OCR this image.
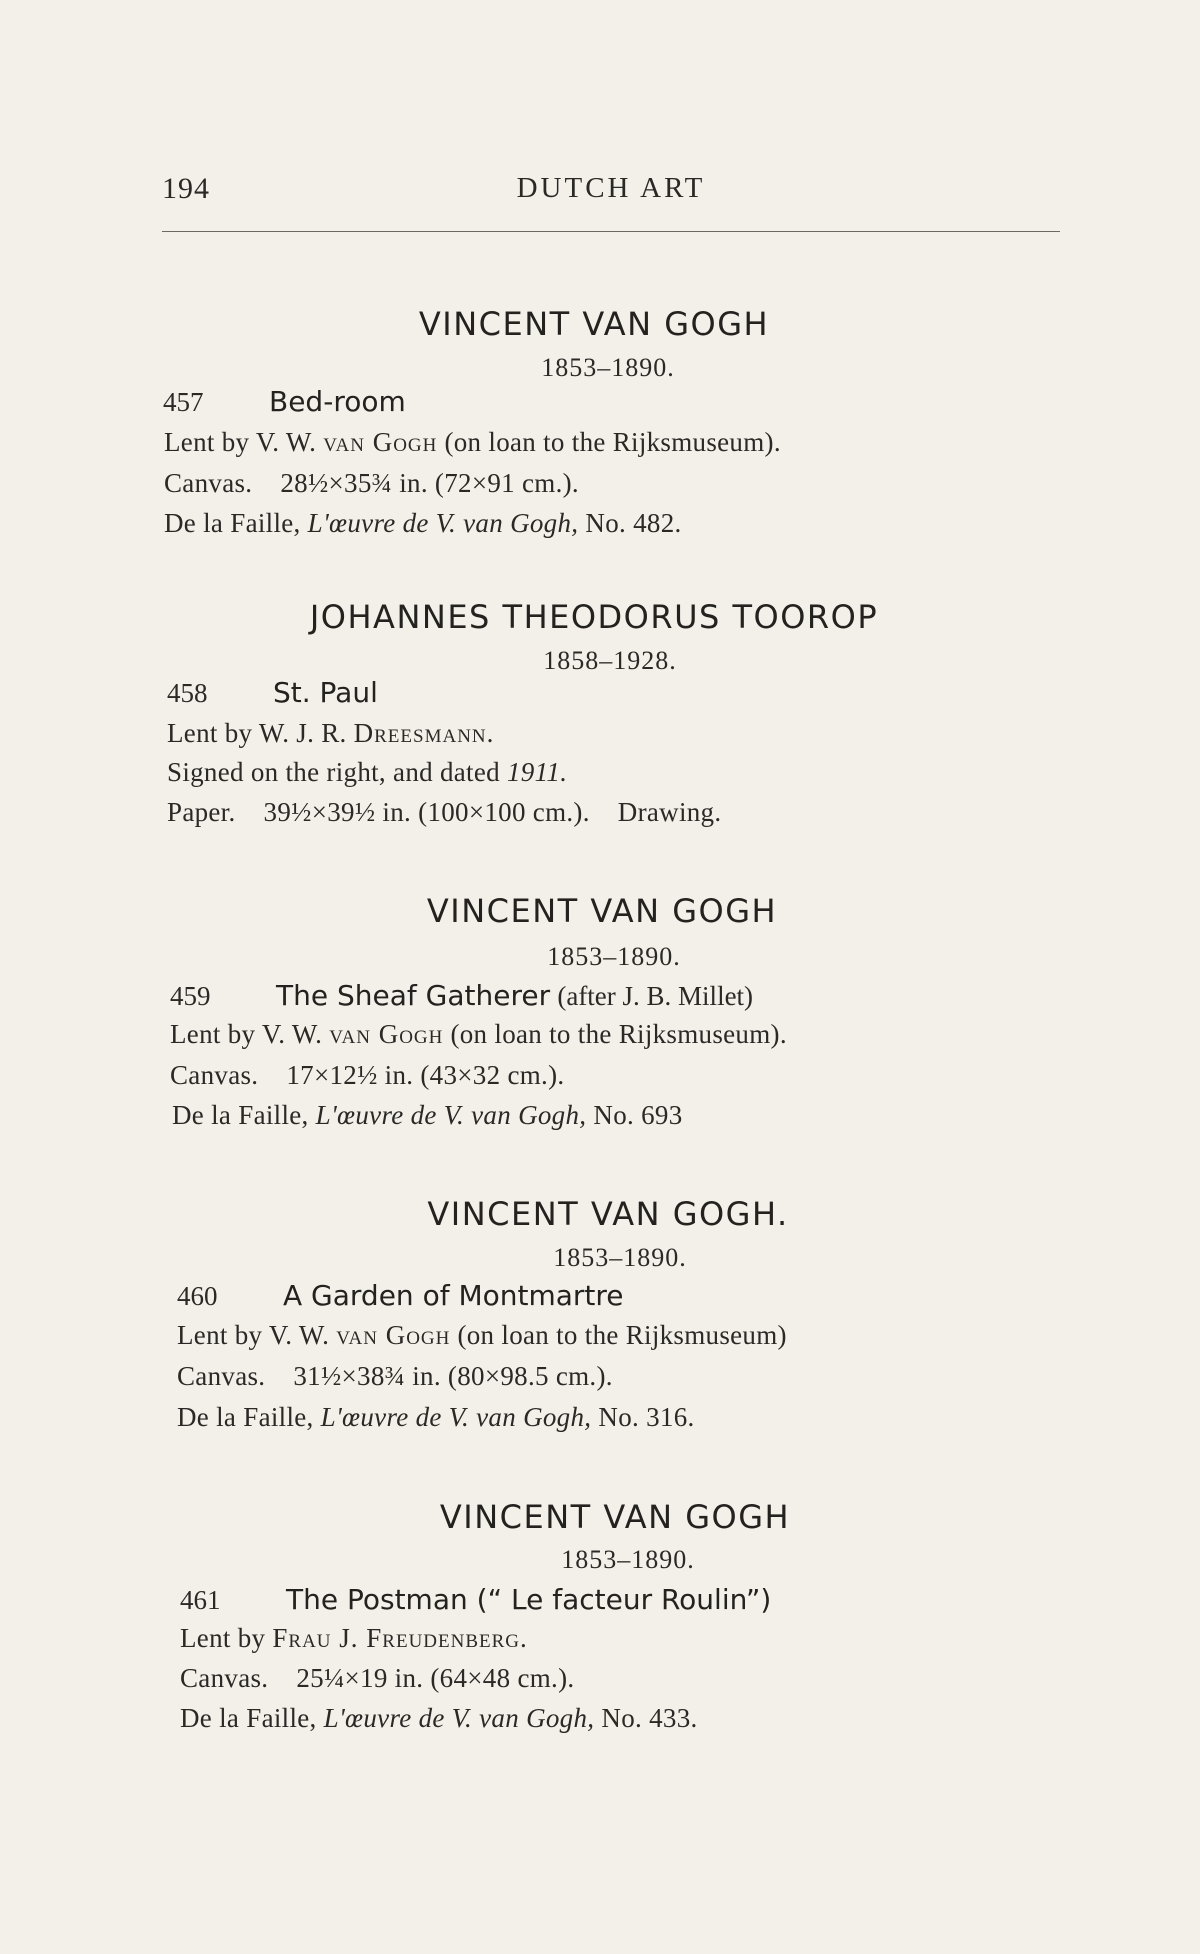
194	DUTCH ART
VINCENT VAN GOGH
1853–1890.
457 Bed-room
Lent by V. W. van Gogh (on loan to the Rijksmuseum).
Canvas. 28½×35¾ in. (72×91 cm.).
De la Faille, L'œuvre de V. van Gogh, No. 482.
JOHANNES THEODORUS TOOROP
1858–1928.
458 St. Paul
Lent by W. J. R. Dreesmann.
Signed on the right, and dated 1911.
Paper. 39½×39½ in. (100×100 cm.). Drawing.
VINCENT VAN GOGH
1853–1890.
459 The Sheaf Gatherer (after J. B. Millet)
Lent by V. W. van Gogh (on loan to the Rijksmuseum).
Canvas. 17×12½ in. (43×32 cm.).
De la Faille, L'œuvre de V. van Gogh, No. 693
VINCENT VAN GOGH.
1853–1890.
460 A Garden of Montmartre
Lent by V. W. van Gogh (on loan to the Rijksmuseum)
Canvas. 31½×38¾ in. (80×98.5 cm.).
De la Faille, L'œuvre de V. van Gogh, No. 316.
VINCENT VAN GOGH
1853–1890.
461 The Postman (“ Le facteur Roulin”)
Lent by Frau J. Freudenberg.
Canvas. 25¼×19 in. (64×48 cm.).
De la Faille, L'œuvre de V. van Gogh, No. 433.
